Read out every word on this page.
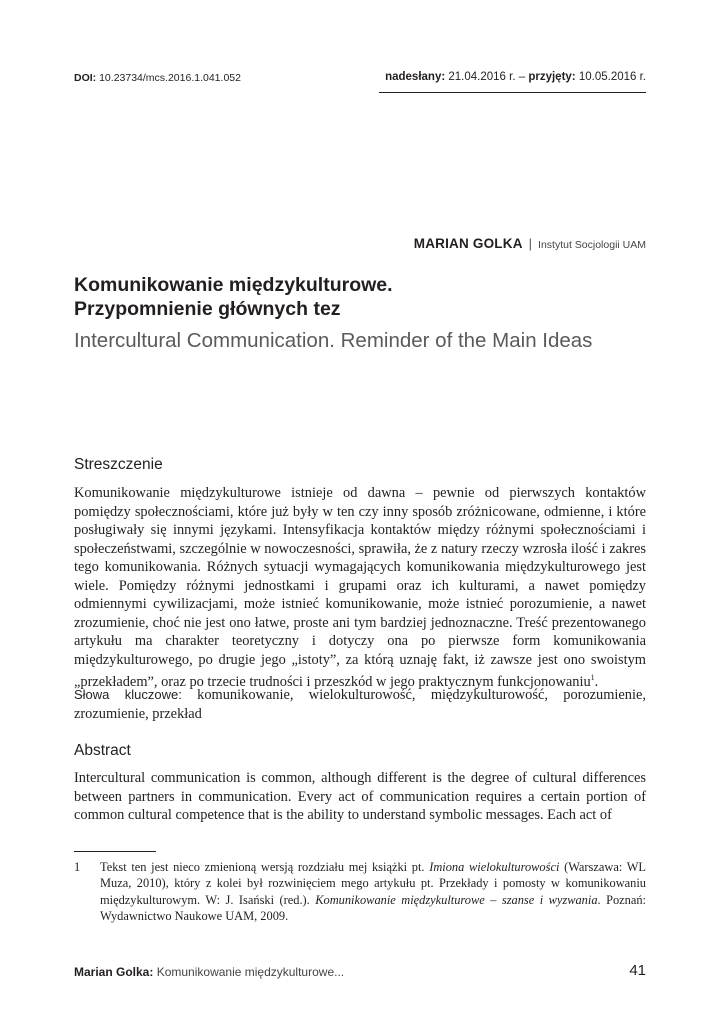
DOI: 10.23734/mcs.2016.1.041.052	nadesłany: 21.04.2016 r. – przyjęty: 10.05.2016 r.
MARIAN GOLKA | Instytut Socjologii UAM
Komunikowanie międzykulturowe.
Przypomnienie głównych tez
Intercultural Communication. Reminder of the Main Ideas
Streszczenie
Komunikowanie międzykulturowe istnieje od dawna – pewnie od pierwszych kontaktów pomiędzy społecznościami, które już były w ten czy inny sposób zróżnicowane, odmienne, i które posługiwały się innymi językami. Intensyfikacja kontaktów między różnymi społecznościami i społeczeństwami, szczególnie w nowoczesności, sprawiła, że z natury rzeczy wzrosła ilość i zakres tego komunikowania. Różnych sytuacji wymagających komunikowania międzykulturowego jest wiele. Pomiędzy różnymi jednostkami i grupami oraz ich kulturami, a nawet pomiędzy odmiennymi cywilizacjami, może istnieć komunikowanie, może istnieć porozumienie, a nawet zrozumienie, choć nie jest ono łatwe, proste ani tym bardziej jednoznaczne. Treść prezentowanego artykułu ma charakter teoretyczny i dotyczy ona po pierwsze form komunikowania międzykulturowego, po drugie jego „istoty”, za którą uznaję fakt, iż zawsze jest ono swoistym „przekładem”, oraz po trzecie trudności i przeszkód w jego praktycznym funkcjonowaniu$^1$.
Słowa kluczowe: komunikowanie, wielokulturowość, międzykulturowość, porozumienie, zrozumienie, przekład
Abstract
Intercultural communication is common, although different is the degree of cultural differences between partners in communication. Every act of communication requires a certain portion of common cultural competence that is the ability to understand symbolic messages. Each act of
1 Tekst ten jest nieco zmienioną wersją rozdziału mej książki pt. Imiona wielokulturowości (Warszawa: WL Muza, 2010), który z kolei był rozwinięciem mego artykułu pt. Przekłady i pomosty w komunikowaniu międzykulturowym. W: J. Isański (red.). Komunikowanie międzykulturowe – szanse i wyzwania. Poznań: Wydawnictwo Naukowe UAM, 2009.
Marian Golka: Komunikowanie międzykulturowe...	41
